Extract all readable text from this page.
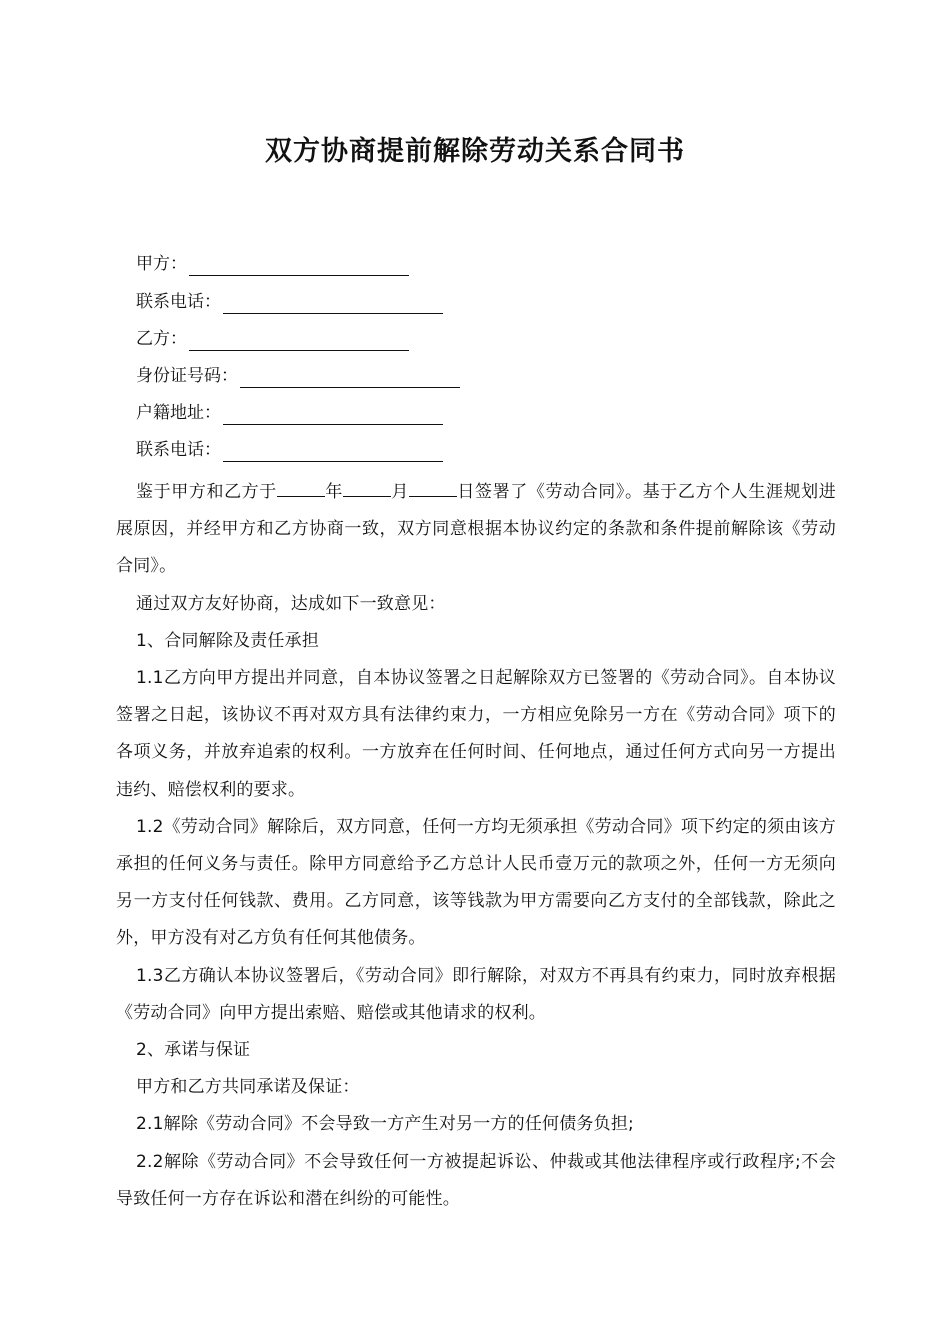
双方协商提前解除劳动关系合同书
甲方：
联系电话：
乙方：
身份证号码：
户籍地址：
联系电话：

鉴于甲方和乙方于	年	月	日签署了《劳动合同》。基于乙方个人生涯规划进展原因，并经甲方和乙方协商一致，双方同意根据本协议约定的条款和条件提前解除该《劳动合同》。

通过双方友好协商，达成如下一致意见：

1、合同解除及责任承担

1.1乙方向甲方提出并同意，自本协议签署之日起解除双方已签署的《劳动合同》。自本协议签署之日起，该协议不再对双方具有法律约束力，一方相应免除另一方在《劳动合同》项下的各项义务，并放弃追索的权利。一方放弃在任何时间、任何地点，通过任何方式向另一方提出违约、赔偿权利的要求。

1.2《劳动合同》解除后，双方同意，任何一方均无须承担《劳动合同》项下约定的须由该方承担的任何义务与责任。除甲方同意给予乙方总计人民币壹万元的款项之外，任何一方无须向另一方支付任何钱款、费用。乙方同意，该等钱款为甲方需要向乙方支付的全部钱款，除此之外，甲方没有对乙方负有任何其他债务。

1.3乙方确认本协议签署后，《劳动合同》即行解除，对双方不再具有约束力，同时放弃根据《劳动合同》向甲方提出索赔、赔偿或其他请求的权利。

2、承诺与保证

甲方和乙方共同承诺及保证：

2.1解除《劳动合同》不会导致一方产生对另一方的任何债务负担;

2.2解除《劳动合同》不会导致任何一方被提起诉讼、仲裁或其他法律程序或行政程序;不会导致任何一方存在诉讼和潜在纠纷的可能性。
